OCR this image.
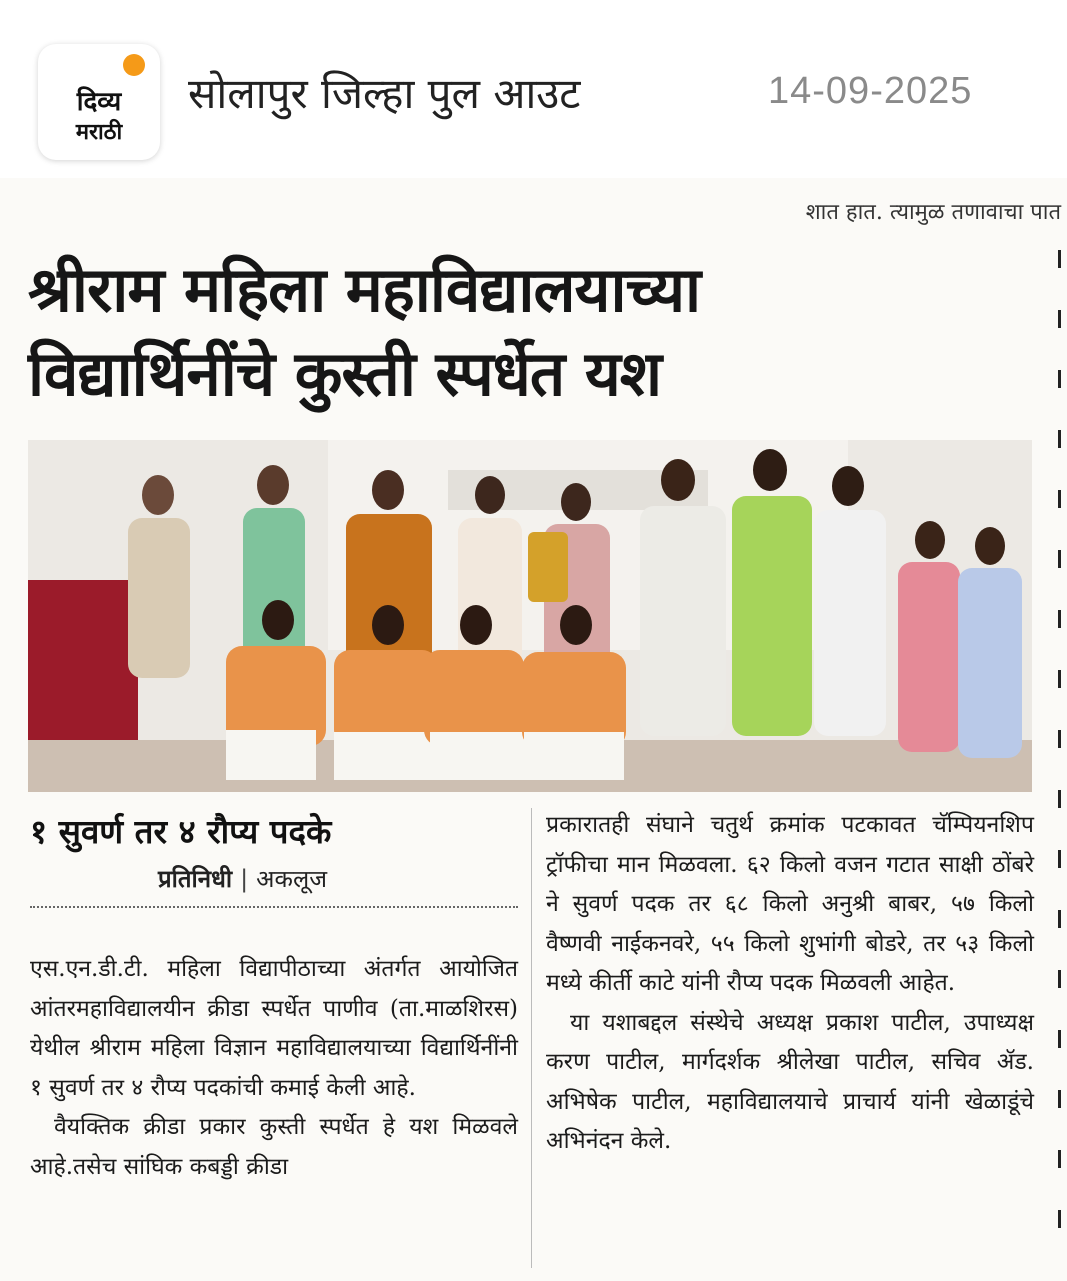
दिव्य
मराठी
सोलापुर जिल्हा पुल आउट	14-09-2025
शात हात. त्यामुळ तणावाचा पात
श्रीराम महिला महाविद्यालयाच्या
विद्यार्थिनींचे कुस्ती स्पर्धेत यश
१ सुवर्ण तर ४ रौप्य पदके
प्रतिनिधी | अकलूज
एस.एन.डी.टी. महिला विद्यापीठाच्या अंतर्गत आयोजित आंतरमहाविद्यालयीन क्रीडा स्पर्धेत पाणीव (ता.माळशिरस) येथील श्रीराम महिला विज्ञान महाविद्यालयाच्या विद्यार्थिनींनी १ सुवर्ण तर ४ रौप्य पदकांची कमाई केली आहे.
वैयक्तिक क्रीडा प्रकार कुस्ती स्पर्धेत हे यश मिळवले आहे.तसेच सांघिक कबड्डी क्रीडा
प्रकारातही संघाने चतुर्थ क्रमांक पटकावत चॅम्पियनशिप ट्रॉफीचा मान मिळवला. ६२ किलो वजन गटात साक्षी ठोंबरे ने सुवर्ण पदक तर ६८ किलो अनुश्री बाबर, ५७ किलो वैष्णवी नाईकनवरे, ५५ किलो शुभांगी बोडरे, तर ५३ किलो मध्ये कीर्ती काटे यांनी रौप्य पदक मिळवली आहेत.
या यशाबद्दल संस्थेचे अध्यक्ष प्रकाश पाटील, उपाध्यक्ष करण पाटील, मार्गदर्शक श्रीलेखा पाटील, सचिव ॲड. अभिषेक पाटील, महाविद्यालयाचे प्राचार्य यांनी खेळाडूंचे अभिनंदन केले.
